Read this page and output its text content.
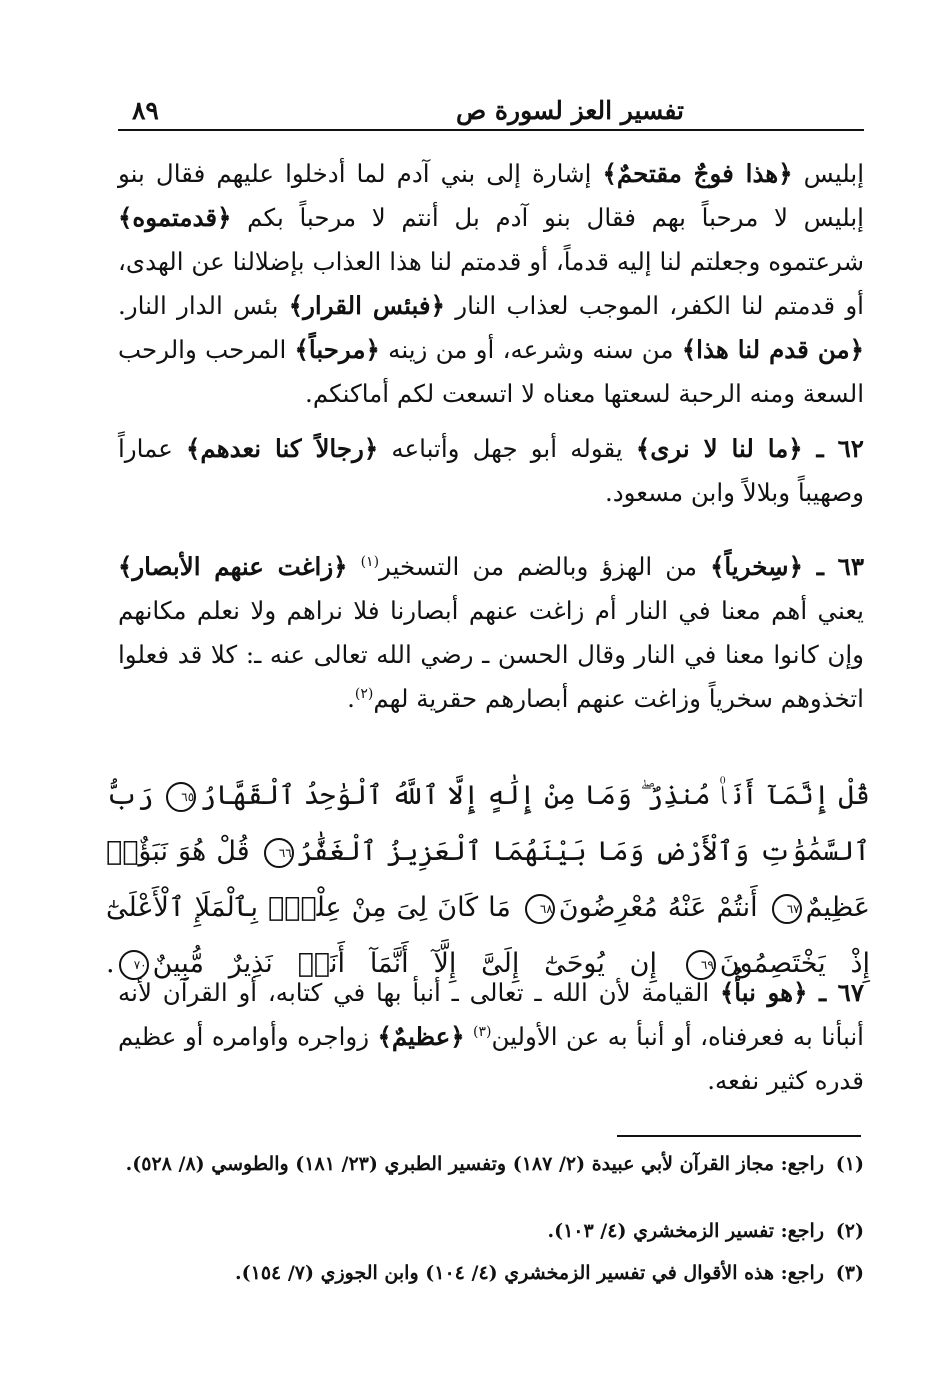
تفسير العز لسورة ص
٨٩
إبليس ﴿هذا فوجٌ مقتحمٌ﴾ إشارة إلى بني آدم لما أدخلوا عليهم فقال بنو إبليس لا مرحباً بهم فقال بنو آدم بل أنتم لا مرحباً بكم ﴿قدمتموه﴾ شرعتموه وجعلتم لنا إليه قدماً، أو قدمتم لنا هذا العذاب بإضلالنا عن الهدى، أو قدمتم لنا الكفر، الموجب لعذاب النار ﴿فبئس القرار﴾ بئس الدار النار. ﴿من قدم لنا هذا﴾ من سنه وشرعه، أو من زينه ﴿مرحباً﴾ المرحب والرحب السعة ومنه الرحبة لسعتها معناه لا اتسعت لكم أماكنكم.
٦٢ ـ ﴿ما لنا لا نرى﴾ يقوله أبو جهل وأتباعه ﴿رجالاً كنا نعدهم﴾ عماراً وصهيباً وبلالاً وابن مسعود.
٦٣ ـ ﴿سِخرياً﴾ من الهزؤ وبالضم من التسخير$^{(١)}$ ﴿زاغت عنهم الأبصار﴾ يعني أهم معنا في النار أم زاغت عنهم أبصارنا فلا نراهم ولا نعلم مكانهم وإن كانوا معنا في النار وقال الحسن ـ رضي الله تعالى عنه ـ: كلا قد فعلوا اتخذوهم سخرياً وزاغت عنهم أبصارهم حقرية لهم$^{(٢)}$.
قُلْ إِنَّمَآ أَنَا۠ مُنذِرٌ ۖ وَمَا مِنْ إِلَٰهٍ إِلَّا ٱللَّهُ ٱلْوَٰحِدُ ٱلْقَهَّارُ٦٥ رَبُّ ٱلسَّمَٰوَٰتِ وَٱلْأَرْضِ وَمَا بَيْنَهُمَا ٱلْعَزِيزُ ٱلْغَفَّٰرُ٦٦ قُلْ هُوَ نَبَؤٌا۟ عَظِيمٌ٦٧ أَنتُمْ عَنْهُ مُعْرِضُونَ٦٨ مَا كَانَ لِىَ مِنْ عِلْمٍۭ بِٱلْمَلَإِ ٱلْأَعْلَىٰٓ إِذْ يَخْتَصِمُونَ٦٩ إِن يُوحَىٰٓ إِلَىَّ إِلَّآ أَنَّمَآ أَنَا۠ نَذِيرٌ مُّبِينٌ٧٠.
٦٧ ـ ﴿هو نبأٌ﴾ القيامة لأن الله ـ تعالى ـ أنبأ بها في كتابه، أو القرآن لأنه أنبأنا به فعرفناه، أو أنبأ به عن الأولين$^{(٣)}$ ﴿عظيمٌ﴾ زواجره وأوامره أو عظيم قدره كثير نفعه.
(١)راجع: مجاز القرآن لأبي عبيدة (٢/ ١٨٧) وتفسير الطبري (٢٣/ ١٨١) والطوسي (٨/ ٥٢٨).
(٢)راجع: تفسير الزمخشري (٤/ ١٠٣).
(٣)راجع: هذه الأقوال في تفسير الزمخشري (٤/ ١٠٤) وابن الجوزي (٧/ ١٥٤).
